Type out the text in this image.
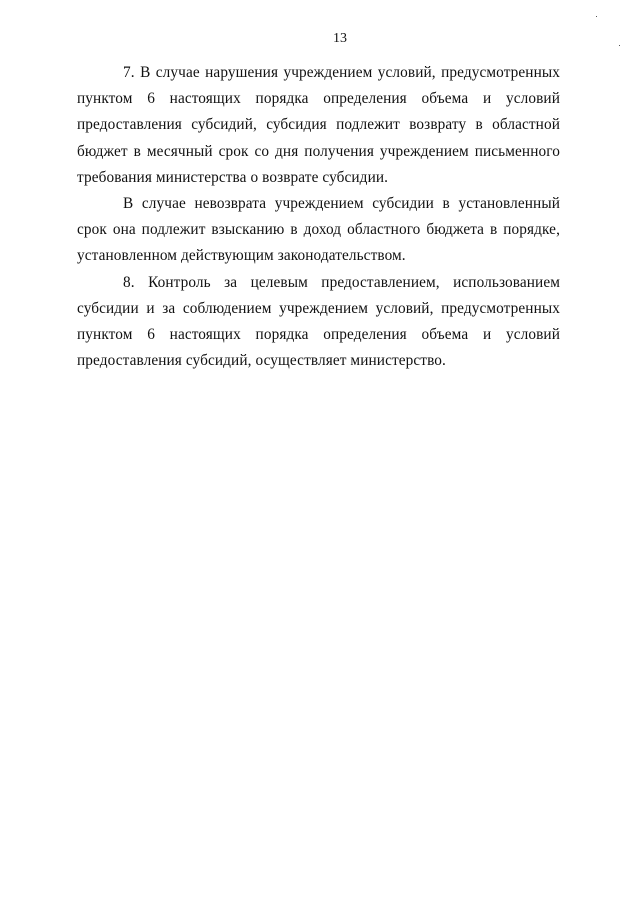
13

7. В случае нарушения учреждением условий, предусмотренных пунктом 6 настоящих порядка определения объема и условий предоставления субсидий, субсидия подлежит возврату в областной бюджет в месячный срок со дня получения учреждением письменного требования министерства о возврате субсидии.

В случае невозврата учреждением субсидии в установленный срок она подлежит взысканию в доход областного бюджета в порядке, установленном действующим законодательством.

8. Контроль за целевым предоставлением, использованием субсидии и за соблюдением учреждением условий, предусмотренных пунктом 6 настоящих порядка определения объема и условий предоставления субсидий, осуществляет министерство.
